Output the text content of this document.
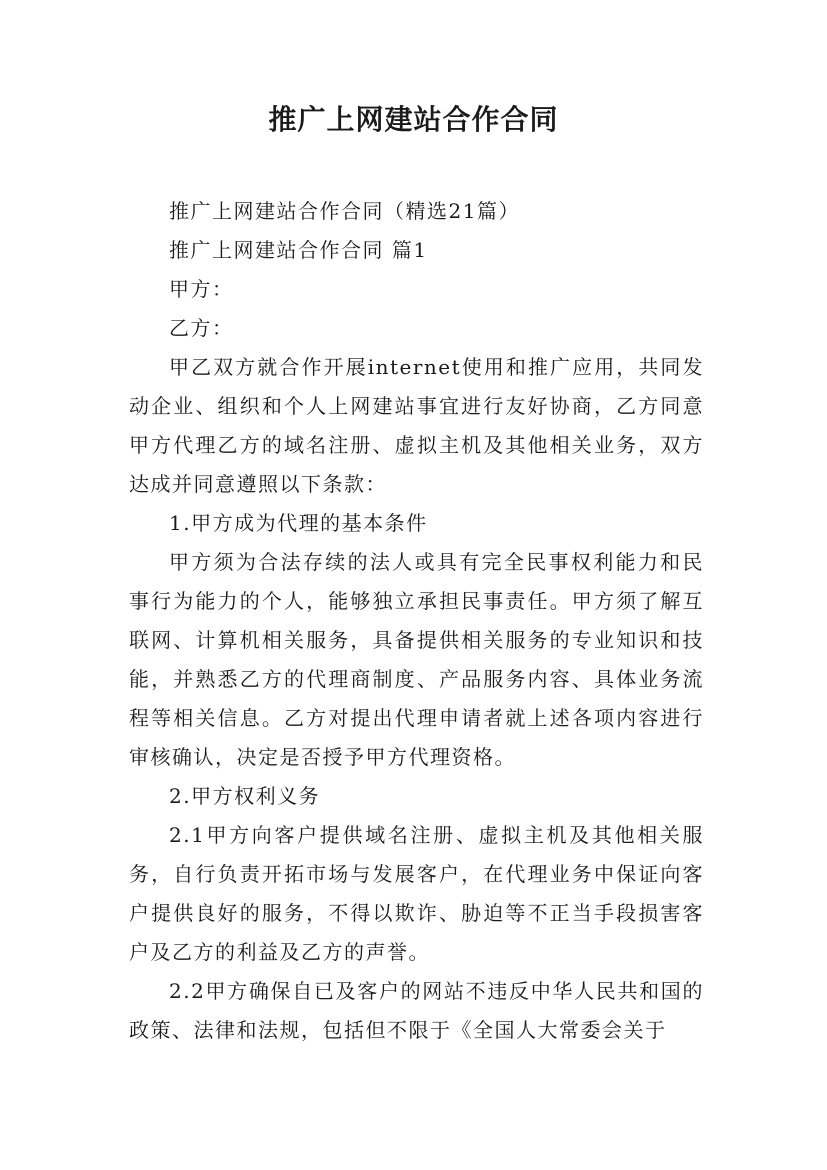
推广上网建站合作合同

推广上网建站合作合同（精选21篇）

推广上网建站合作合同 篇1

甲方：

乙方：

甲乙双方就合作开展internet使用和推广应用，共同发动企业、组织和个人上网建站事宜进行友好协商，乙方同意甲方代理乙方的域名注册、虚拟主机及其他相关业务，双方达成并同意遵照以下条款：

1.甲方成为代理的基本条件

甲方须为合法存续的法人或具有完全民事权利能力和民事行为能力的个人，能够独立承担民事责任。甲方须了解互联网、计算机相关服务，具备提供相关服务的专业知识和技能，并熟悉乙方的代理商制度、产品服务内容、具体业务流程等相关信息。乙方对提出代理申请者就上述各项内容进行审核确认，决定是否授予甲方代理资格。

2.甲方权利义务

2.1甲方向客户提供域名注册、虚拟主机及其他相关服务，自行负责开拓市场与发展客户，在代理业务中保证向客户提供良好的服务，不得以欺诈、胁迫等不正当手段损害客户及乙方的利益及乙方的声誉。

2.2甲方确保自已及客户的网站不违反中华人民共和国的政策、法律和法规，包括但不限于《全国人大常委会关于
